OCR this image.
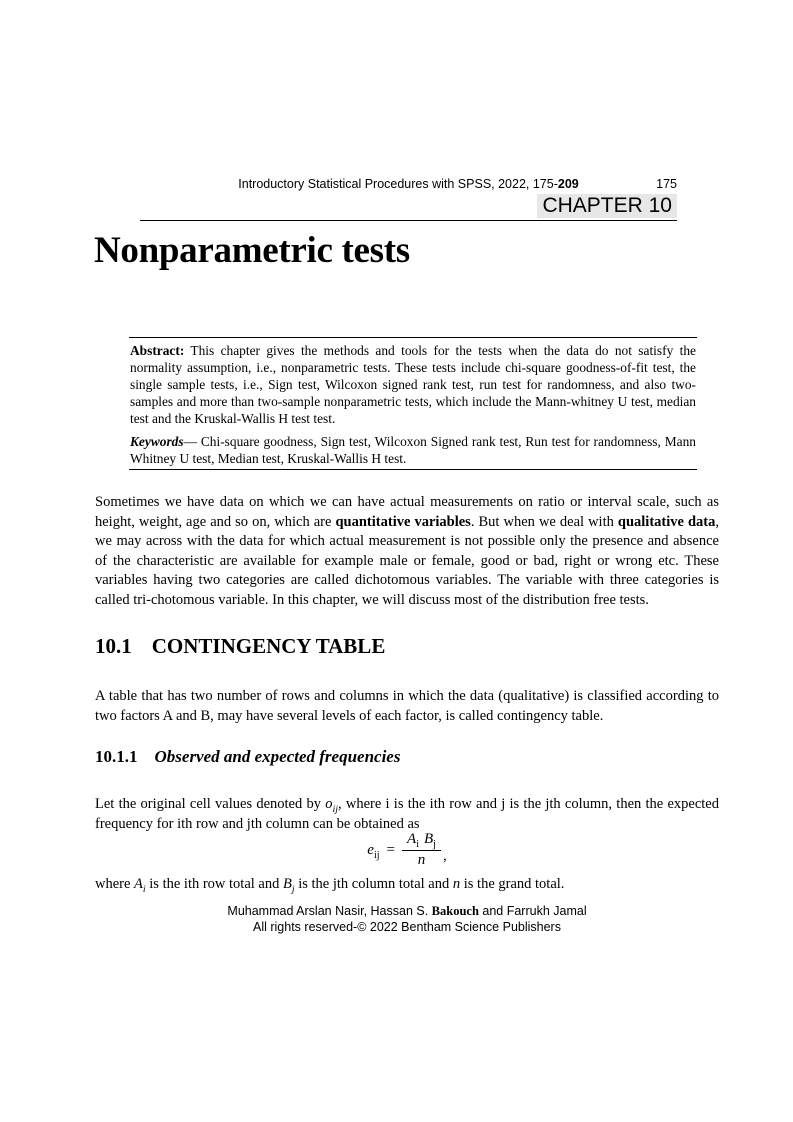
Introductory Statistical Procedures with SPSS, 2022, 175-209	175
CHAPTER 10
Nonparametric tests

Abstract: This chapter gives the methods and tools for the tests when the data do not satisfy the normality assumption, i.e., nonparametric tests. These tests include chi-square goodness-of-fit test, the single sample tests, i.e., Sign test, Wilcoxon signed rank test, run test for randomness, and also two-samples and more than two-sample nonparametric tests, which include the Mann-whitney U test, median test and the Kruskal-Wallis H test test.

Keywords— Chi-square goodness, Sign test, Wilcoxon Signed rank test, Run test for randomness, Mann Whitney U test, Median test, Kruskal-Wallis H test.

Sometimes we have data on which we can have actual measurements on ratio or interval scale, such as height, weight, age and so on, which are quantitative variables. But when we deal with qualitative data, we may across with the data for which actual measurement is not possible only the presence and absence of the characteristic are available for example male or female, good or bad, right or wrong etc. These variables having two categories are called dichotomous variables. The variable with three categories is called tri-chotomous variable. In this chapter, we will discuss most of the distribution free tests.

10.1 CONTINGENCY TABLE

A table that has two number of rows and columns in which the data (qualitative) is classified according to two factors A and B, may have several levels of each factor, is called contingency table.

10.1.1 Observed and expected frequencies

Let the original cell values denoted by $o_{ij}$, where i is the ith row and j is the jth column, then the expected frequency for ith row and jth column can be obtained as

$e_{ij} = \frac{A_i B_j}{n}$ ,

where $A_i$ is the ith row total and $B_j$ is the jth column total and n is the grand total.

Muhammad Arslan Nasir, Hassan S. Bakouch and Farrukh Jamal
All rights reserved-© 2022 Bentham Science Publishers
